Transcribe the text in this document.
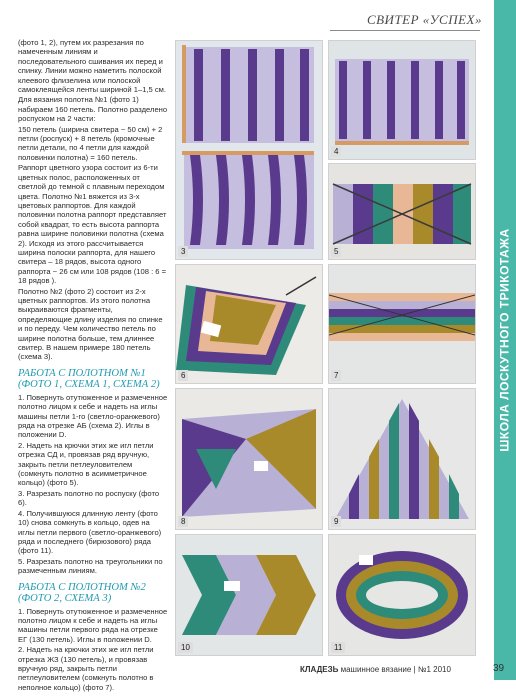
СВИТЕР «УСПЕХ»
ШКОЛА ЛОСКУТНОГО ТРИКОТАЖА

(фото 1, 2), путем их разрезания по намеченным линиям и последовательного сшивания их перед и спинку. Линии можно наметить полоской клеевого флизелина или полоской самоклеящейся ленты шириной 1–1,5 см.

Для вязания полотна №1 (фото 1) набираем 160 петель. Полотно разделено роспуском на 2 части:

150 петель (ширина свитера ~ 50 см) + 2 петли (роспуск) + 8 петель (кромочные петли детали, по 4 петли для каждой половинки полотна) = 160 петель.

Раппорт цветного узора состоит из 6-ти цветных полос, расположенных от светлой до темной с плавным переходом цвета. Полотно №1 вяжется из 3-х цветовых раппортов. Для каждой половинки полотна раппорт представляет собой квадрат, то есть высота раппорта равна ширине половинки полотна (схема 2). Исходя из этого рассчитывается ширина полоски раппорта, для нашего свитера – 18 рядов, высота одного раппорта ~ 26 см или 108 рядов (108 : 6 = 18 рядов ).

Полотно №2 (фото 2) состоит из 2-х цветных раппортов. Из этого полотна выкраиваются фрагменты, определяющие длину изделия по спинке и по переду. Чем количество петель по ширине полотна больше, тем длиннее свитер. В нашем примере 180 петель (схема 3).

РАБОТА С ПОЛОТНОМ №1 (ФОТО 1, СХЕМА 1, СХЕМА 2)

1. Повернуть отутюженное и размеченное полотно лицом к себе и надеть на иглы машины петли 1-го (светло-оранжевого) ряда на отрезке АБ (схема 2). Иглы в положении D.

2. Надеть на крючки этих же игл петли отрезка СД и, провязав ряд вручную, закрыть петли петлеуловителем (сомкнуть полотно в асимметричное кольцо) (фото 5).

3. Разрезать полотно по роспуску (фото 6).

4. Получившуюся длинную ленту (фото 10) снова сомкнуть в кольцо, одев на иглы петли первого (светло-оранжевого) ряда и последнего (бирюзового) ряда (фото 11).

5. Разрезать полотно на треугольники по размеченным линиям.

РАБОТА С ПОЛОТНОМ №2 (ФОТО 2, СХЕМА 3)

1. Повернуть отутюженное и размеченное полотно лицом к себе и надеть на иглы машины петли первого ряда на отрезке ЕГ (130 петель). Иглы в положении D.

2. Надеть на крючки этих же игл петли отрезка ЖЗ (130 петель), и провязав вручную ряд, закрыть петли петлеуловителем (сомкнуть полотно в неполное кольцо) (фото 7).

3
4
5
6	7
8	9
10	11
КЛАДЕЗЬ машинное вязание | №1 2010	39
